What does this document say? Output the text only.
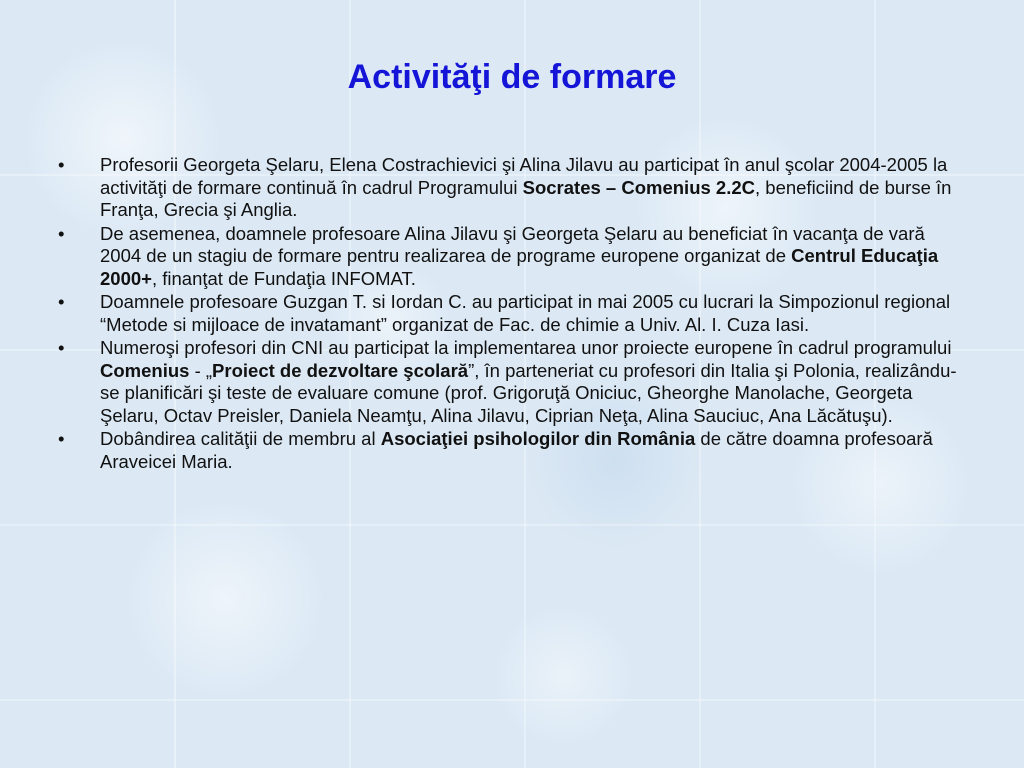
Activităţi de formare
• Profesorii Georgeta Şelaru, Elena Costrachievici şi Alina Jilavu au participat în anul şcolar 2004-2005 la activităţi de formare continuă în cadrul Programului Socrates – Comenius 2.2C, beneficiind de burse în Franţa, Grecia şi Anglia.
• De asemenea, doamnele profesoare Alina Jilavu şi Georgeta Şelaru au beneficiat în vacanţa de vară 2004 de un stagiu de formare pentru realizarea de programe europene organizat de Centrul Educaţia 2000+, finanţat de Fundaţia INFOMAT.
• Doamnele profesoare Guzgan T. si Iordan C. au participat in mai 2005 cu lucrari la Simpozionul regional “Metode si mijloace de invatamant” organizat de Fac. de chimie a Univ. Al. I. Cuza Iasi.
• Numeroşi profesori din CNI au participat la implementarea unor proiecte europene în cadrul programului Comenius - „Proiect de dezvoltare şcolară”, în parteneriat cu profesori din Italia şi Polonia, realizându-se planificări şi teste de evaluare comune (prof. Grigoruţă Oniciuc, Gheorghe Manolache, Georgeta Şelaru, Octav Preisler, Daniela Neamţu, Alina Jilavu, Ciprian Neţa, Alina Sauciuc, Ana Lăcătuşu).
• Dobândirea calităţii de membru al Asociaţiei psihologilor din România de către doamna profesoară Araveicei Maria.
